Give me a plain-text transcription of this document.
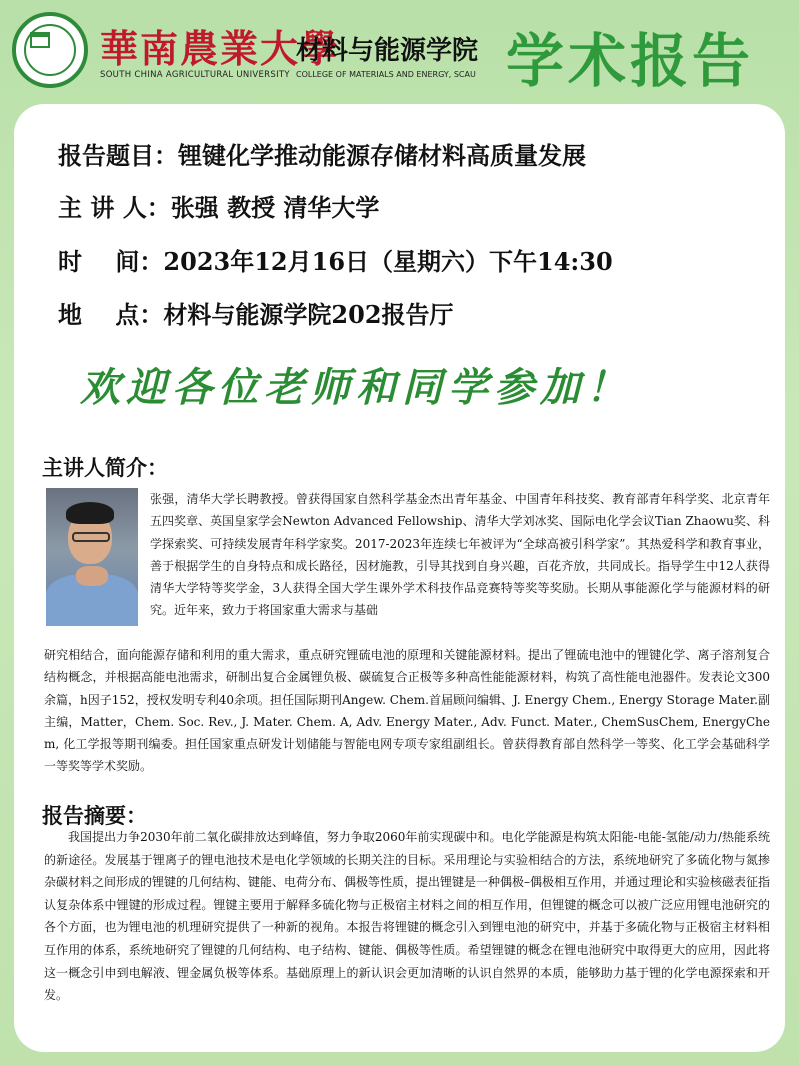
華南農業大學
SOUTH CHINA AGRICULTURAL UNIVERSITY
材料与能源学院
COLLEGE OF MATERIALS AND ENERGY, SCAU 学术报告
报告题目：锂键化学推动能源存储材料高质量发展
主 讲 人：张强 教授 清华大学
时    间：2023年12月16日（星期六）下午14:30
地    点：材料与能源学院202报告厅
欢迎各位老师和同学参加！
主讲人简介：
张强，清华大学长聘教授。曾获得国家自然科学基金杰出青年基金、中国青年科技奖、教育部青年科学奖、北京青年五四奖章、英国皇家学会Newton Advanced Fellowship、清华大学刘冰奖、国际电化学会议Tian Zhaowu奖、科学探索奖、可持续发展青年科学家奖。2017-2023年连续七年被评为“全球高被引科学家”。其热爱科学和教育事业，善于根据学生的自身特点和成长路径，因材施教，引导其找到自身兴趣，百花齐放，共同成长。指导学生中12人获得清华大学特等奖学金，3人获得全国大学生课外学术科技作品竞赛特等奖等奖励。长期从事能源化学与能源材料的研究。近年来，致力于将国家重大需求与基础
研究相结合，面向能源存储和利用的重大需求，重点研究锂硫电池的原理和关键能源材料。提出了锂硫电池中的锂键化学、离子溶剂复合结构概念，并根据高能电池需求，研制出复合金属锂负极、碳硫复合正极等多种高性能能源材料，构筑了高性能电池器件。发表论文300余篇，h因子152，授权发明专利40余项。担任国际期刊Angew. Chem.首届顾问编辑、J. Energy Chem., Energy Storage Mater.副主编，Matter，Chem. Soc. Rev., J. Mater. Chem. A, Adv. Energy Mater., Adv. Funct. Mater., ChemSusChem, EnergyChem, 化工学报等期刊编委。担任国家重点研发计划储能与智能电网专项专家组副组长。曾获得教育部自然科学一等奖、化工学会基础科学一等奖等学术奖励。
报告摘要：
我国提出力争2030年前二氧化碳排放达到峰值，努力争取2060年前实现碳中和。电化学能源是构筑太阳能-电能-氢能/动力/热能系统的新途径。发展基于锂离子的锂电池技术是电化学领域的长期关注的目标。采用理论与实验相结合的方法，系统地研究了多硫化物与氮掺杂碳材料之间形成的锂键的几何结构、键能、电荷分布、偶极等性质，提出锂键是一种偶极–偶极相互作用，并通过理论和实验核磁表征指认复杂体系中锂键的形成过程。锂键主要用于解释多硫化物与正极宿主材料之间的相互作用，但锂键的概念可以被广泛应用锂电池研究的各个方面，也为锂电池的机理研究提供了一种新的视角。本报告将锂键的概念引入到锂电池的研究中，并基于多硫化物与正极宿主材料相互作用的体系，系统地研究了锂键的几何结构、电子结构、键能、偶极等性质。希望锂键的概念在锂电池研究中取得更大的应用，因此将这一概念引申到电解液、锂金属负极等体系。基础原理上的新认识会更加清晰的认识自然界的本质，能够助力基于锂的化学电源探索和开发。
